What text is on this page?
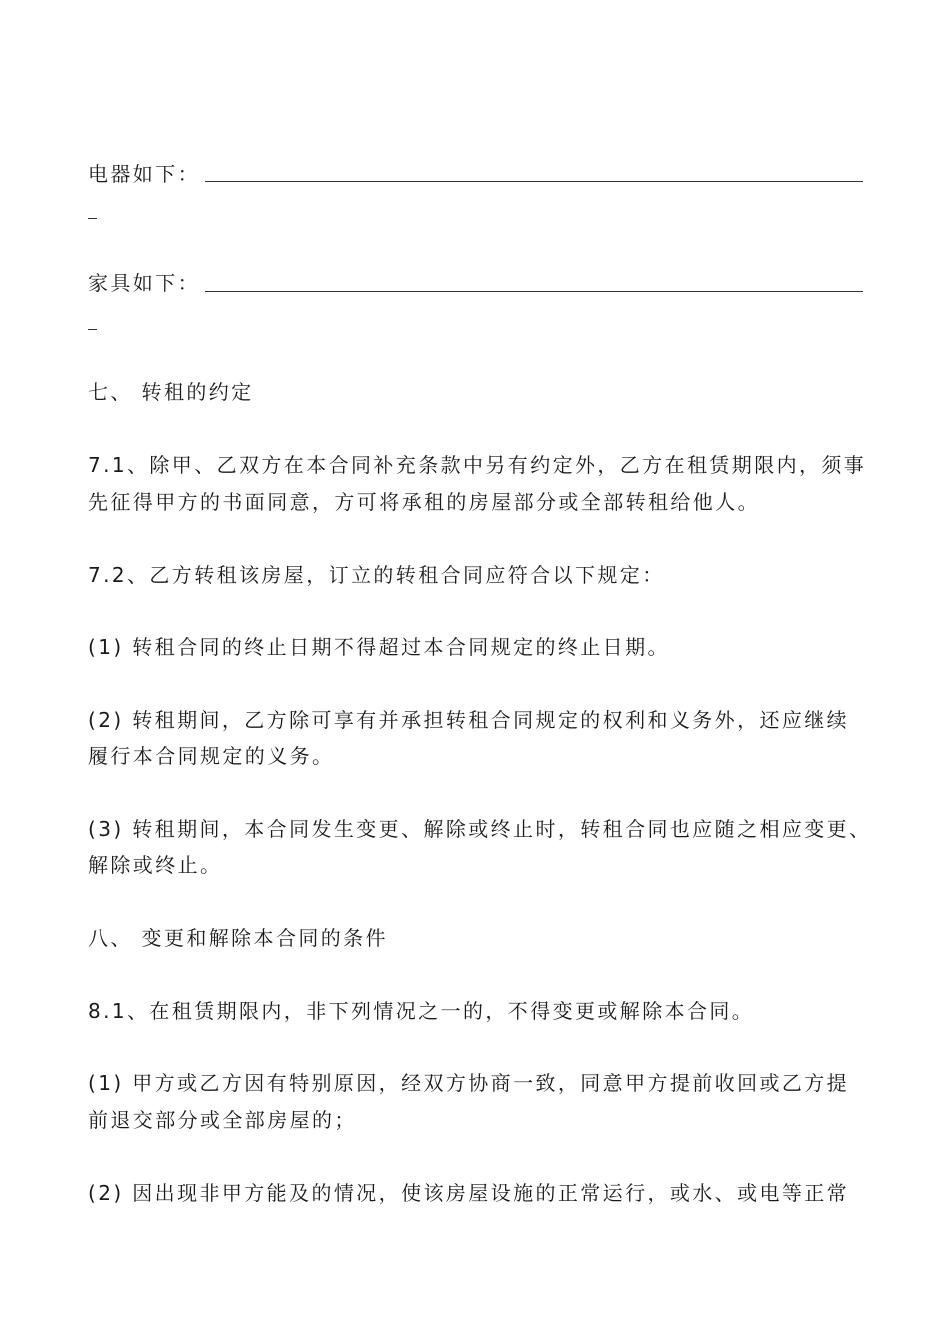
电器如下：
家具如下：
七、 转租的约定
7.1、除甲、乙双方在本合同补充条款中另有约定外，乙方在租赁期限内，须事
先征得甲方的书面同意，方可将承租的房屋部分或全部转租给他人。
7.2、乙方转租该房屋，订立的转租合同应符合以下规定：
(1) 转租合同的终止日期不得超过本合同规定的终止日期。
(2) 转租期间，乙方除可享有并承担转租合同规定的权利和义务外，还应继续
履行本合同规定的义务。
(3) 转租期间，本合同发生变更、解除或终止时，转租合同也应随之相应变更、
解除或终止。
八、 变更和解除本合同的条件
8.1、在租赁期限内，非下列情况之一的，不得变更或解除本合同。
(1) 甲方或乙方因有特别原因，经双方协商一致，同意甲方提前收回或乙方提
前退交部分或全部房屋的；
(2) 因出现非甲方能及的情况，使该房屋设施的正常运行，或水、或电等正常
